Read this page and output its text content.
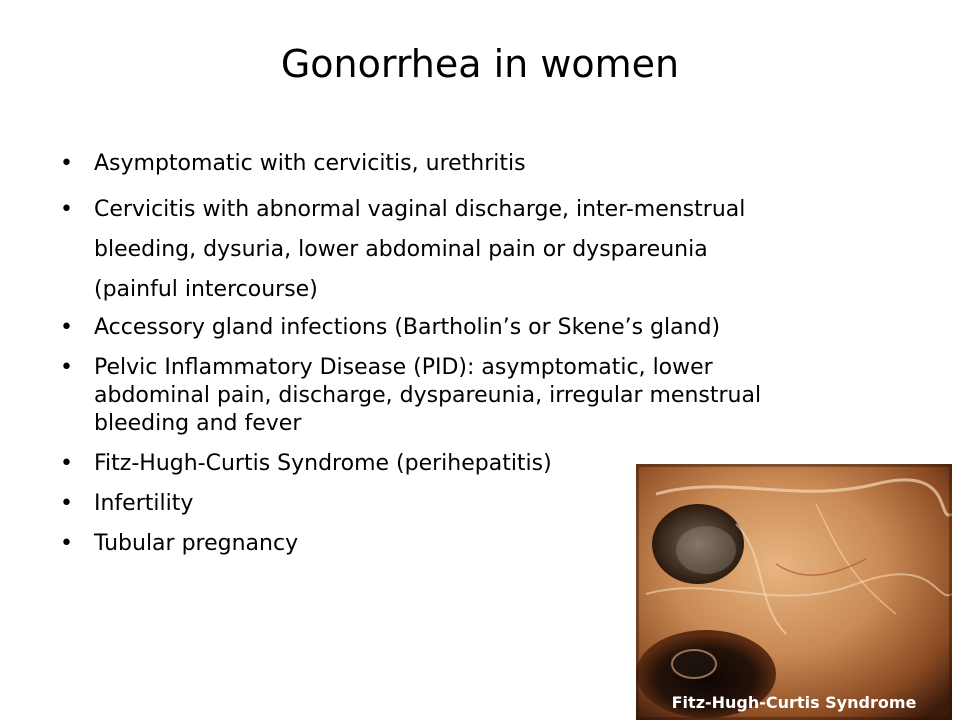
Gonorrhea in women
• Asymptomatic with cervicitis, urethritis
• Cervicitis with abnormal vaginal discharge, inter-menstrual bleeding, dysuria, lower abdominal pain or dyspareunia (painful intercourse)
• Accessory gland infections (Bartholin’s or Skene’s gland)
• Pelvic Inflammatory Disease (PID): asymptomatic, lower abdominal pain, discharge, dyspareunia, irregular menstrual bleeding and fever
• Fitz-Hugh-Curtis Syndrome (perihepatitis)
• Infertility
• Tubular pregnancy
Fitz-Hugh-Curtis Syndrome
